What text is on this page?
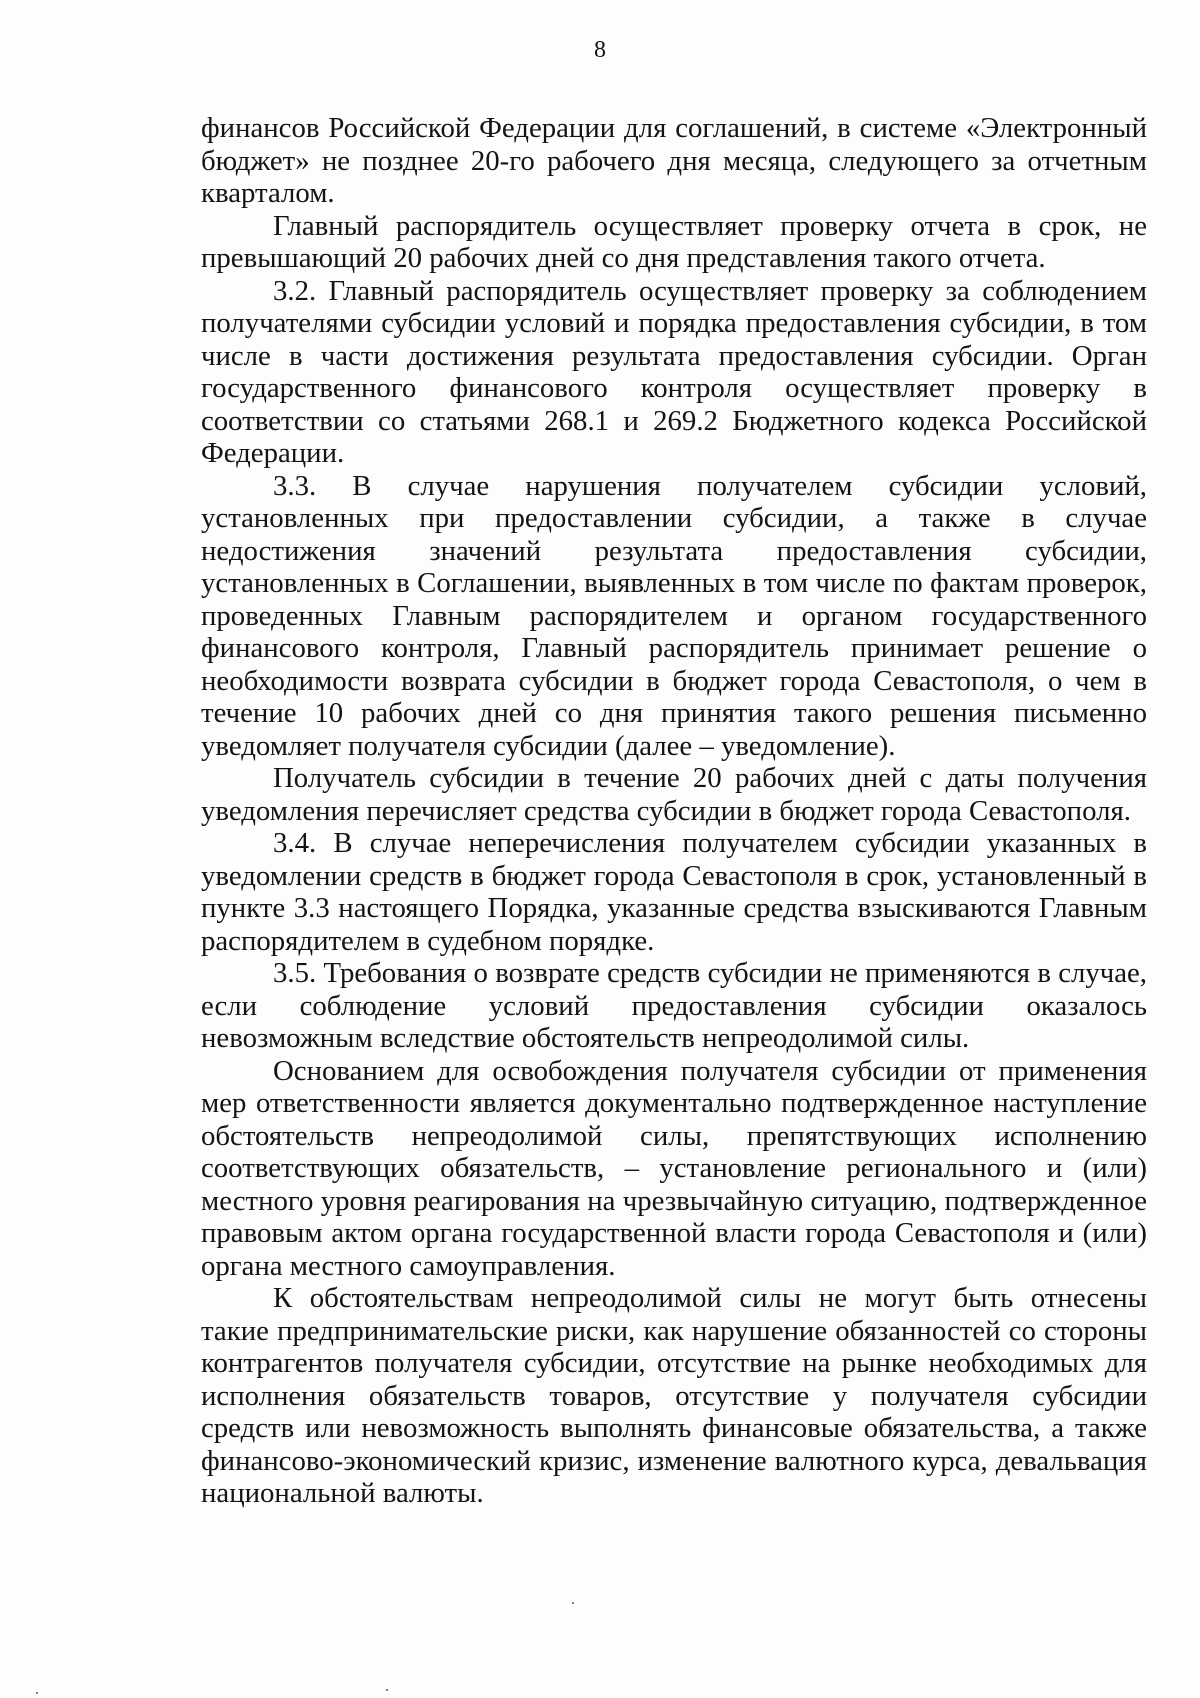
8

финансов Российской Федерации для соглашений, в системе «Электронный бюджет» не позднее 20-го рабочего дня месяца, следующего за отчетным кварталом.

Главный распорядитель осуществляет проверку отчета в срок, не превышающий 20 рабочих дней со дня представления такого отчета.

3.2. Главный распорядитель осуществляет проверку за соблюдением получателями субсидии условий и порядка предоставления субсидии, в том числе в части достижения результата предоставления субсидии. Орган государственного финансового контроля осуществляет проверку в соответствии со статьями 268.1 и 269.2 Бюджетного кодекса Российской Федерации.

3.3. В случае нарушения получателем субсидии условий, установленных при предоставлении субсидии, а также в случае недостижения значений результата предоставления субсидии, установленных в Соглашении, выявленных в том числе по фактам проверок, проведенных Главным распорядителем и органом государственного финансового контроля, Главный распорядитель принимает решение о необходимости возврата субсидии в бюджет города Севастополя, о чем в течение 10 рабочих дней со дня принятия такого решения письменно уведомляет получателя субсидии (далее – уведомление).

Получатель субсидии в течение 20 рабочих дней с даты получения уведомления перечисляет средства субсидии в бюджет города Севастополя.

3.4. В случае неперечисления получателем субсидии указанных в уведомлении средств в бюджет города Севастополя в срок, установленный в пункте 3.3 настоящего Порядка, указанные средства взыскиваются Главным распорядителем в судебном порядке.

3.5. Требования о возврате средств субсидии не применяются в случае, если соблюдение условий предоставления субсидии оказалось невозможным вследствие обстоятельств непреодолимой силы.

Основанием для освобождения получателя субсидии от применения мер ответственности является документально подтвержденное наступление обстоятельств непреодолимой силы, препятствующих исполнению соответствующих обязательств, – установление регионального и (или) местного уровня реагирования на чрезвычайную ситуацию, подтвержденное правовым актом органа государственной власти города Севастополя и (или) органа местного самоуправления.

К обстоятельствам непреодолимой силы не могут быть отнесены такие предпринимательские риски, как нарушение обязанностей со стороны контрагентов получателя субсидии, отсутствие на рынке необходимых для исполнения обязательств товаров, отсутствие у получателя субсидии средств или невозможность выполнять финансовые обязательства, а также финансово-экономический кризис, изменение валютного курса, девальвация национальной валюты.
